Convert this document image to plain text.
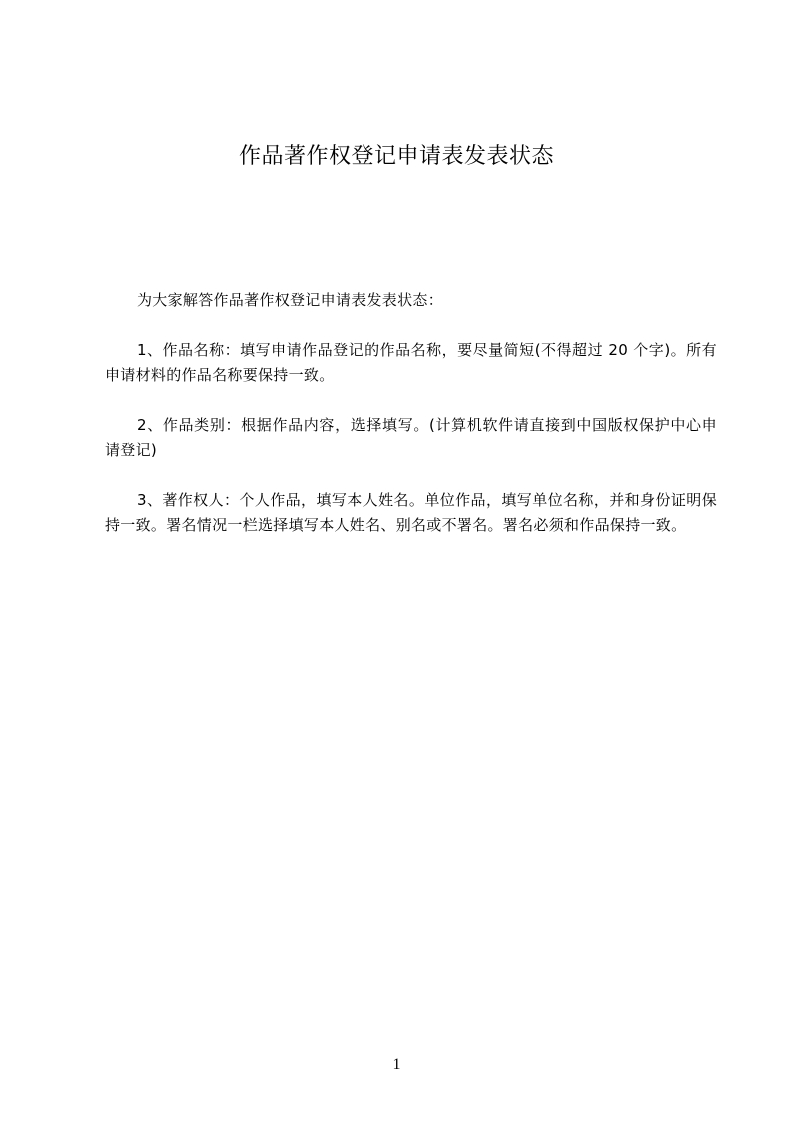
作品著作权登记申请表发表状态

为大家解答作品著作权登记申请表发表状态：

1、作品名称：填写申请作品登记的作品名称，要尽量简短(不得超过 20 个字)。所有申请材料的作品名称要保持一致。

2、作品类别：根据作品内容，选择填写。(计算机软件请直接到中国版权保护中心申请登记)

3、著作权人：个人作品，填写本人姓名。单位作品，填写单位名称，并和身份证明保持一致。署名情况一栏选择填写本人姓名、别名或不署名。署名必须和作品保持一致。

1
